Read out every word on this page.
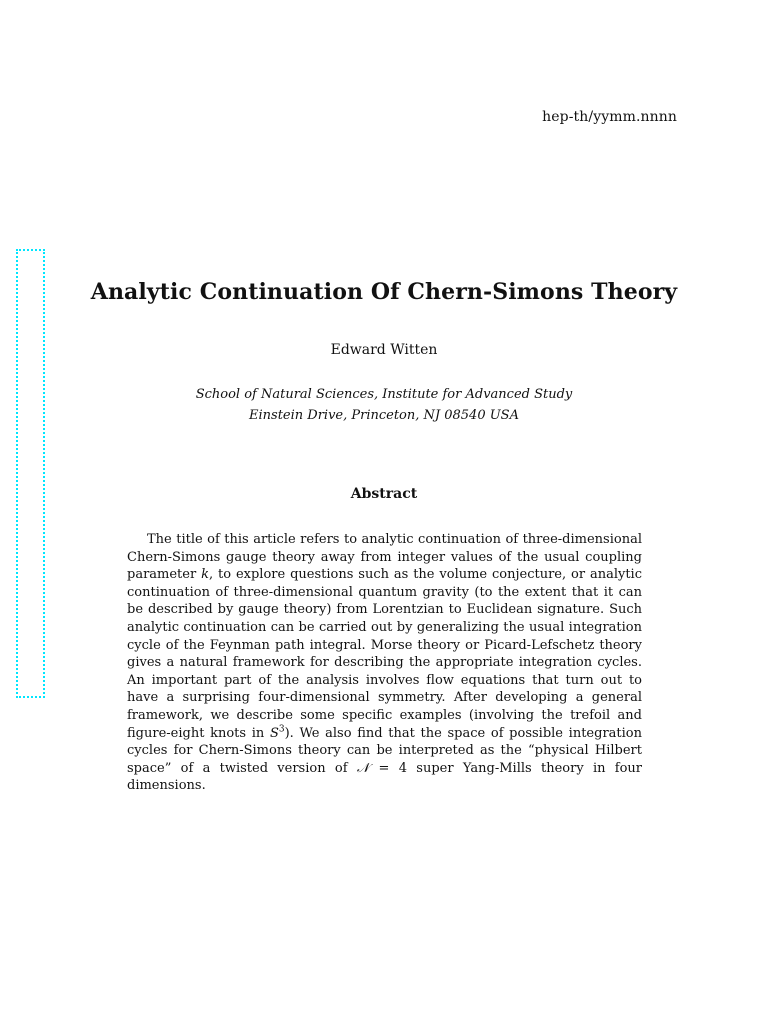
hep-th/yymm.nnnn
Analytic Continuation Of Chern-Simons Theory
Edward Witten
School of Natural Sciences, Institute for Advanced Study
Einstein Drive, Princeton, NJ 08540 USA
Abstract

The title of this article refers to analytic continuation of three-dimensional Chern-Simons gauge theory away from integer values of the usual coupling parameter k, to explore questions such as the volume conjecture, or analytic continuation of three-dimensional quantum gravity (to the extent that it can be described by gauge theory) from Lorentzian to Euclidean signature. Such analytic continuation can be carried out by generalizing the usual integration cycle of the Feynman path integral. Morse theory or Picard-Lefschetz theory gives a natural framework for describing the appropriate integration cycles. An important part of the analysis involves flow equations that turn out to have a surprising four-dimensional symmetry. After developing a general framework, we describe some specific examples (involving the trefoil and figure-eight knots in $S^3$). We also find that the space of possible integration cycles for Chern-Simons theory can be interpreted as the “physical Hilbert space” of a twisted version of 𝒩 = 4 super Yang-Mills theory in four dimensions.
